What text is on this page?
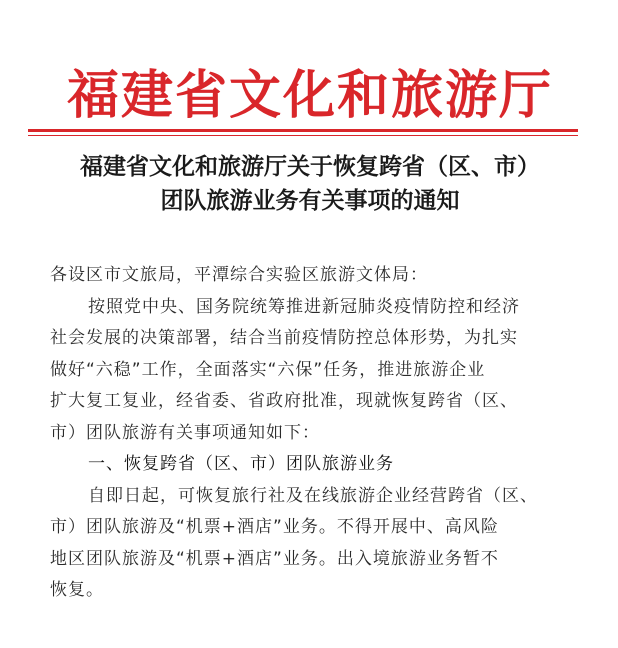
福建省文化和旅游厅
福建省文化和旅游厅关于恢复跨省（区、市）
团队旅游业务有关事项的通知
各设区市文旅局，平潭综合实验区旅游文体局：
按照党中央、国务院统筹推进新冠肺炎疫情防控和经济
社会发展的决策部署，结合当前疫情防控总体形势，为扎实
做好“六稳”工作，全面落实“六保”任务，推进旅游企业
扩大复工复业，经省委、省政府批准，现就恢复跨省（区、
市）团队旅游有关事项通知如下：
一、恢复跨省（区、市）团队旅游业务
自即日起，可恢复旅行社及在线旅游企业经营跨省（区、
市）团队旅游及“机票+酒店”业务。不得开展中、高风险
地区团队旅游及“机票+酒店”业务。出入境旅游业务暂不
恢复。
